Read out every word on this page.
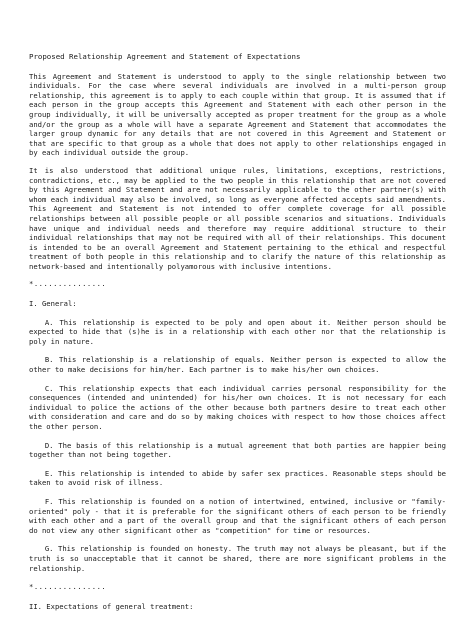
Proposed Relationship Agreement and Statement of Expectations
This Agreement and Statement is understood to apply to the single relationship between two individuals. For the case where several individuals are involved in a multi-person group relationship, this agreement is to apply to each couple within that group. It is assumed that if each person in the group accepts this Agreement and Statement with each other person in the group individually, it will be universally accepted as proper treatment for the group as a whole and/or the group as a whole will have a separate Agreement and Statement that accommodates the larger group dynamic for any details that are not covered in this Agreement and Statement or that are specific to that group as a whole that does not apply to other relationships engaged in by each individual outside the group.
It is also understood that additional unique rules, limitations, exceptions, restrictions, contradictions, etc., may be applied to the two people in this relationship that are not covered by this Agreement and Statement and are not necessarily applicable to the other partner(s) with whom each individual may also be involved, so long as everyone affected accepts said amendments. This Agreement and Statement is not intended to offer complete coverage for all possible relationships between all possible people or all possible scenarios and situations. Individuals have unique and individual needs and therefore may require additional structure to their individual relationships that may not be required with all of their relationships. This document is intended to be an overall Agreement and Statement pertaining to the ethical and respectful treatment of both people in this relationship and to clarify the nature of this relationship as network-based and intentionally polyamorous with inclusive intentions.
*...............
I. General:
A. This relationship is expected to be poly and open about it. Neither person should be expected to hide that (s)he is in a relationship with each other nor that the relationship is poly in nature.
B. This relationship is a relationship of equals. Neither person is expected to allow the other to make decisions for him/her. Each partner is to make his/her own choices.
C. This relationship expects that each individual carries personal responsibility for the consequences (intended and unintended) for his/her own choices. It is not necessary for each individual to police the actions of the other because both partners desire to treat each other with consideration and care and do so by making choices with respect to how those choices affect the other person.
D. The basis of this relationship is a mutual agreement that both parties are happier being together than not being together.
E. This relationship is intended to abide by safer sex practices. Reasonable steps should be taken to avoid risk of illness.
F. This relationship is founded on a notion of intertwined, entwined, inclusive or "family-oriented" poly - that it is preferable for the significant others of each person to be friendly with each other and a part of the overall group and that the significant others of each person do not view any other significant other as "competition" for time or resources.
G. This relationship is founded on honesty. The truth may not always be pleasant, but if the truth is so unacceptable that it cannot be shared, there are more significant problems in the relationship.
*...............
II. Expectations of general treatment:
